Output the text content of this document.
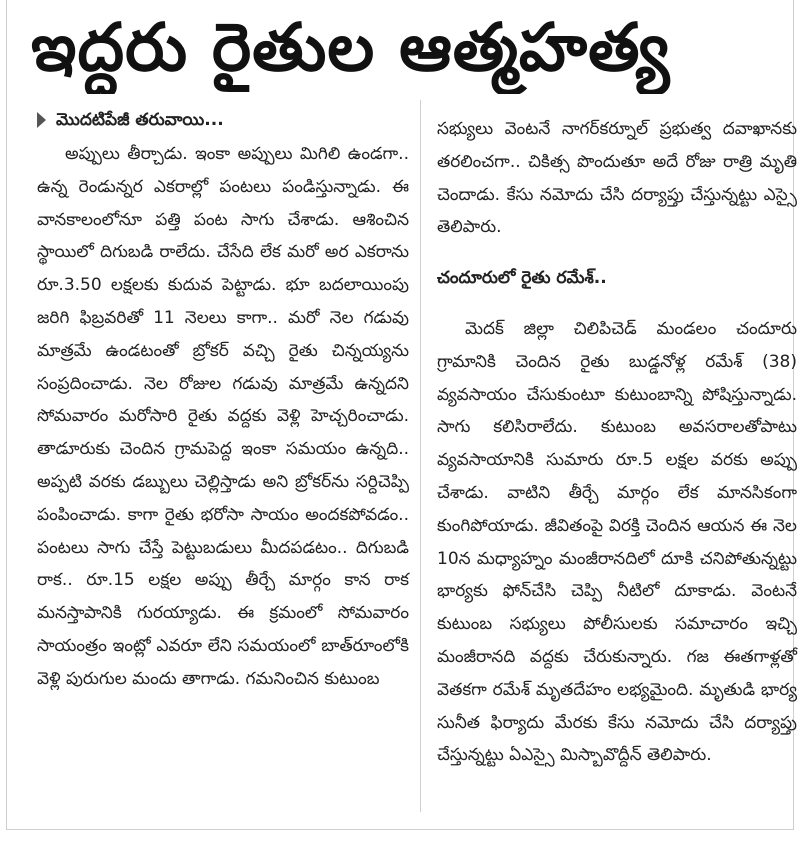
ఇద్దరు రైతుల ఆత్మహత్య
మొదటిపేజీ తరువాయి...

అప్పులు తీర్చాడు. ఇంకా అప్పులు మిగిలి ఉండగా.. ఉన్న రెండున్నర ఎకరాల్లో పంటలు పండిస్తున్నాడు. ఈ వానకాలంలోనూ పత్తి పంట సాగు చేశాడు. ఆశించిన స్థాయిలో దిగుబడి రాలేదు. చేసేది లేక మరో అర ఎకరాను రూ.3.50 లక్షలకు కుదువ పెట్టాడు. భూ బదలాయింపు జరిగి ఫిబ్రవరితో 11 నెలలు కాగా.. మరో నెల గడువు మాత్రమే ఉండటంతో బ్రోకర్ వచ్చి రైతు చిన్నయ్యను సంప్రదించాడు. నెల రోజుల గడువు మాత్రమే ఉన్నదని సోమవారం మరోసారి రైతు వద్దకు వెళ్లి హెచ్చరించాడు. తాడూరుకు చెందిన గ్రామపెద్ద ఇంకా సమయం ఉన్నది.. అప్పటి వరకు డబ్బులు చెల్లిస్తాడు అని బ్రోకర్‌ను సర్దిచెప్పి పంపించాడు. కాగా రైతు భరోసా సాయం అందకపోవడం.. పంటలు సాగు చేస్తే పెట్టుబడులు మీదపడటం.. దిగుబడి రాక.. రూ.15 లక్షల అప్పు తీర్చే మార్గం కాన రాక మనస్తాపానికి గురయ్యాడు. ఈ క్రమంలో సోమవారం సాయంత్రం ఇంట్లో ఎవరూ లేని సమయంలో బాత్‌రూంలోకి వెళ్లి పురుగుల మందు తాగాడు. గమనించిన కుటుంబ

సభ్యులు వెంటనే నాగర్‌కర్నూల్ ప్రభుత్వ దవాఖానకు తరలించగా.. చికిత్స పొందుతూ అదే రోజు రాత్రి మృతి చెందాడు. కేసు నమోదు చేసి దర్యాప్తు చేస్తున్నట్టు ఎస్సై తెలిపారు.

చందూరులో రైతు రమేశ్..

మెదక్ జిల్లా చిలిపిచెడ్ మండలం చందూరు గ్రామానికి చెందిన రైతు బుడ్డనోళ్ల రమేశ్ (38) వ్యవసాయం చేసుకుంటూ కుటుంబాన్ని పోషిస్తున్నాడు. సాగు కలిసిరాలేదు. కుటుంబ అవసరాలతోపాటు వ్యవసాయానికి సుమారు రూ.5 లక్షల వరకు అప్పు చేశాడు. వాటిని తీర్చే మార్గం లేక మానసికంగా కుంగిపోయాడు. జీవితంపై విరక్తి చెందిన ఆయన ఈ నెల 10న మధ్యాహ్నం మంజీరానదిలో దూకి చనిపోతున్నట్టు భార్యకు ఫోన్‌చేసి చెప్పి నీటిలో దూకాడు. వెంటనే కుటుంబ సభ్యులు పోలీసులకు సమాచారం ఇచ్చి మంజీరానది వద్దకు చేరుకున్నారు. గజ ఈతగాళ్లతో వెతకగా రమేశ్ మృతదేహం లభ్యమైంది. మృతుడి భార్య సునీత ఫిర్యాదు మేరకు కేసు నమోదు చేసి దర్యాప్తు చేస్తున్నట్టు ఏఎస్సై మిస్బావొద్దీన్ తెలిపారు.
